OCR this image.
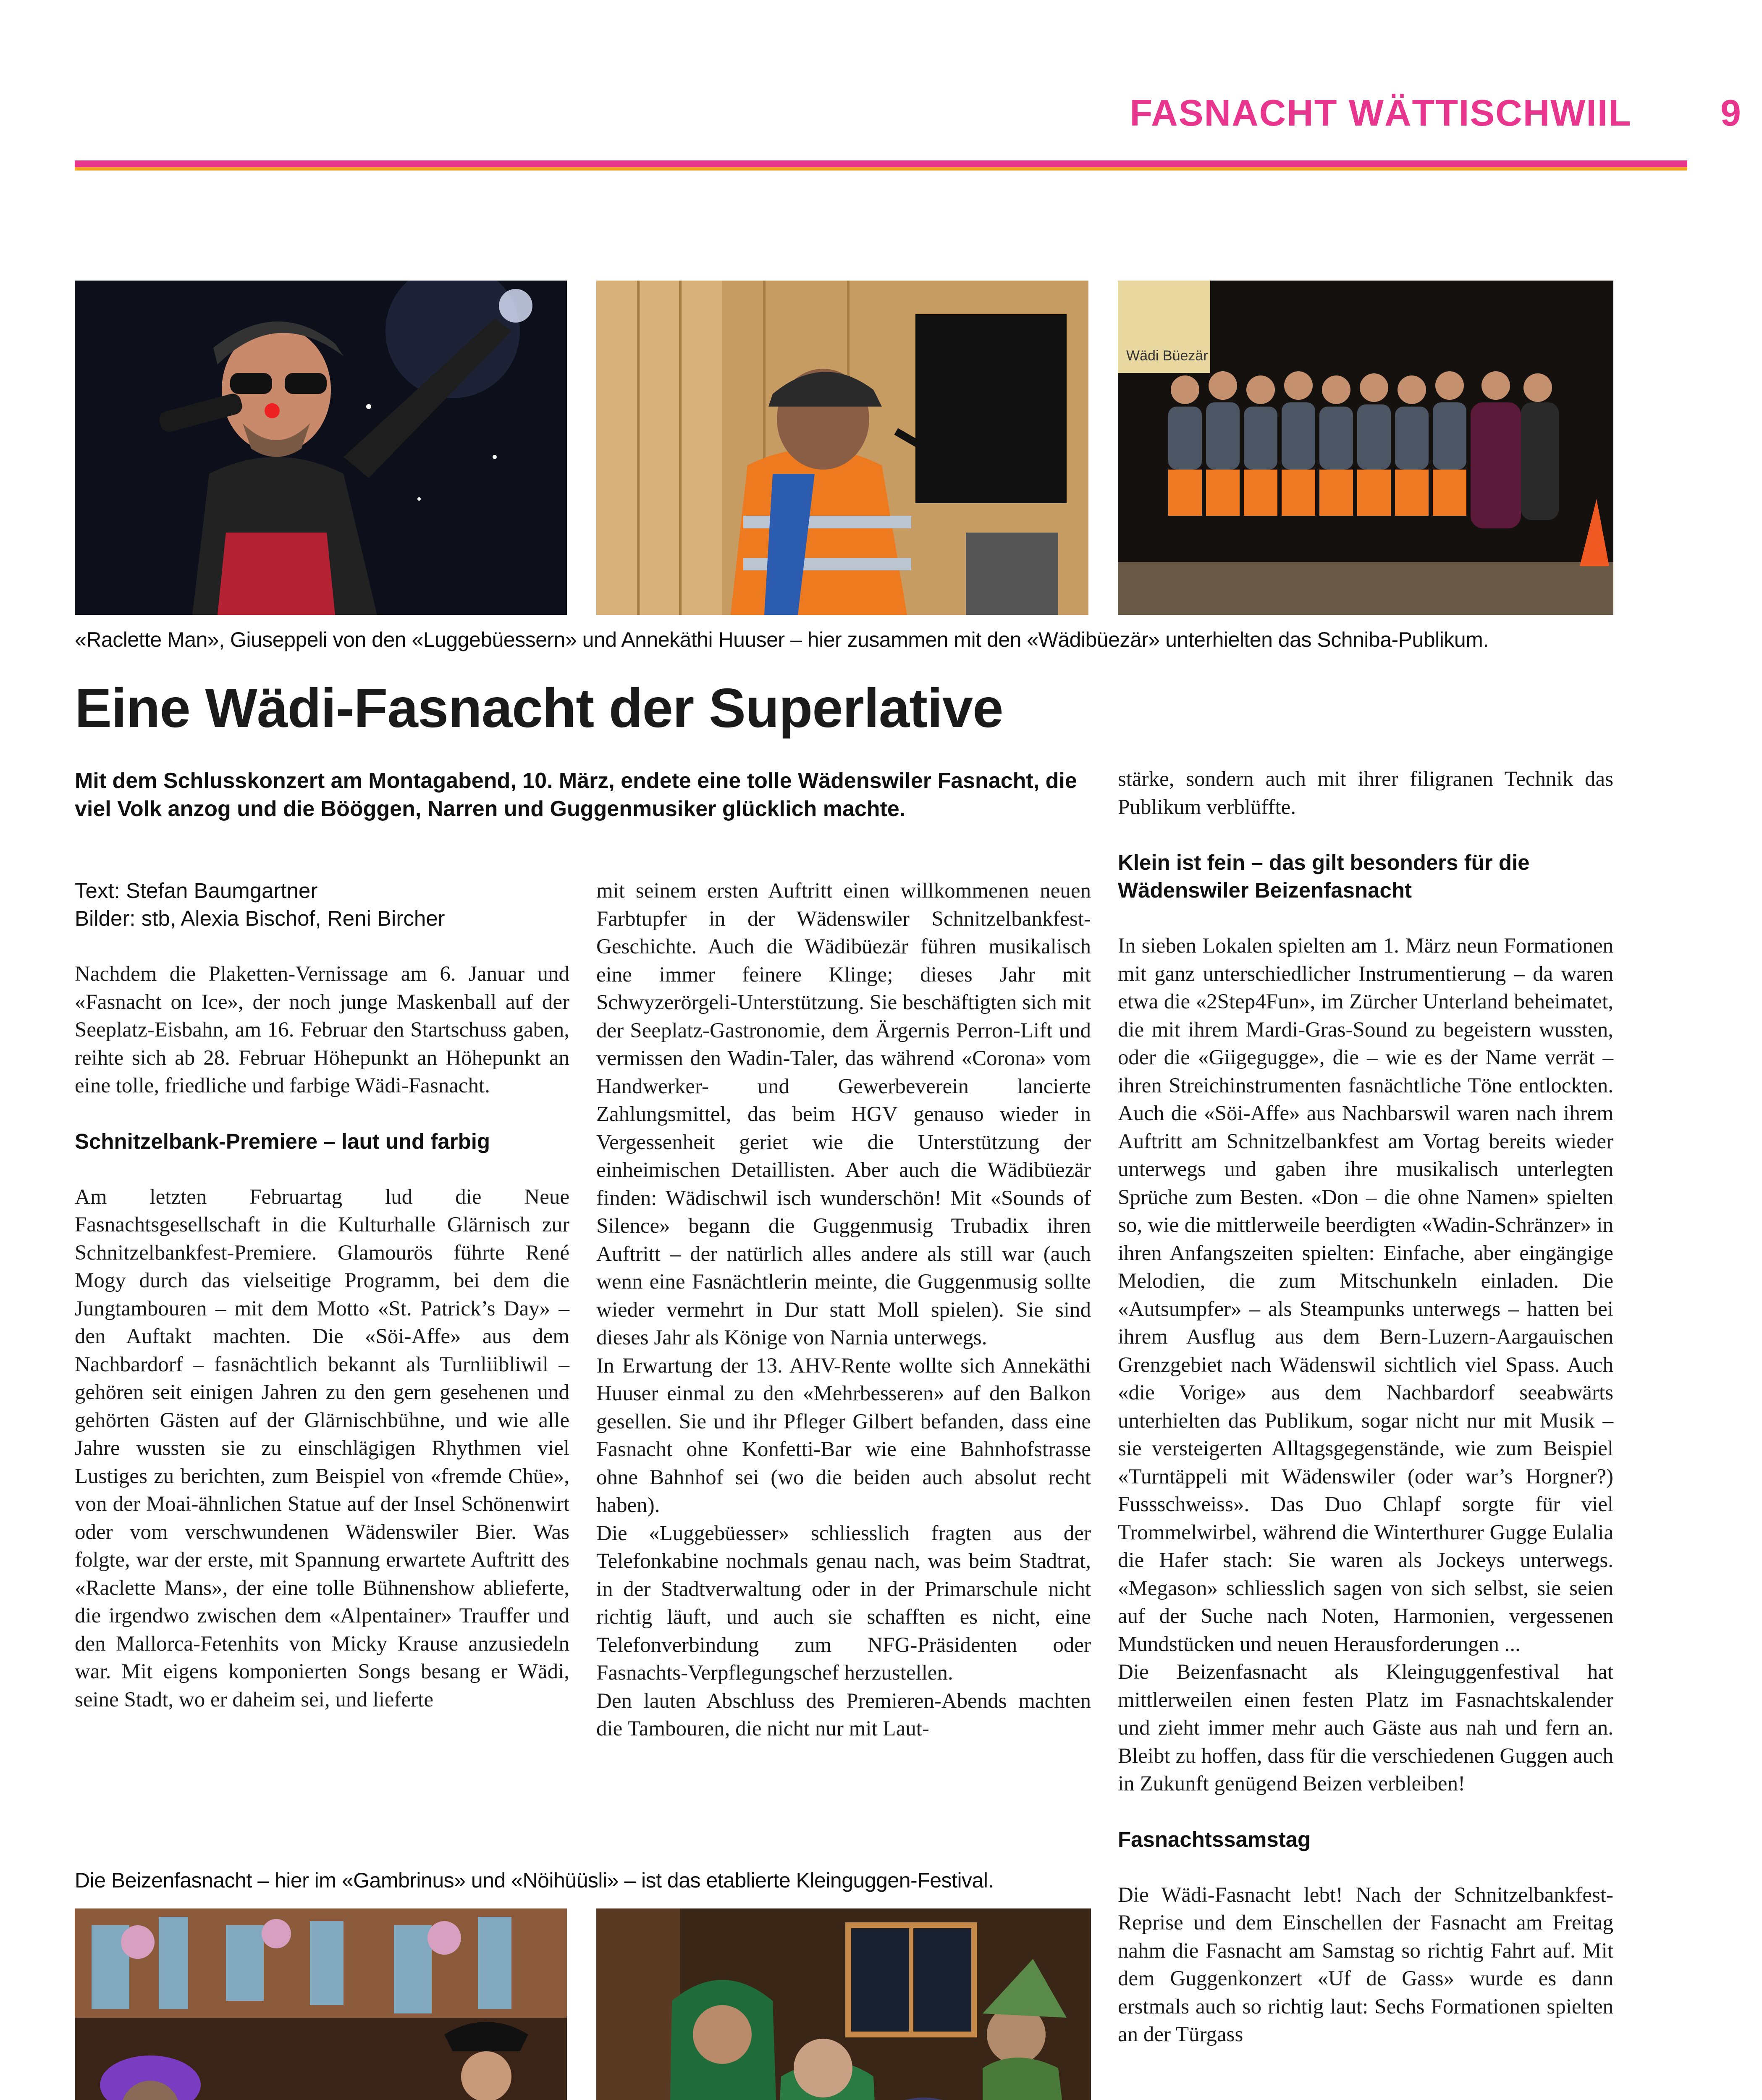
FASNACHT WÄTTISCHWIIL 9
Wädi Büezär
«Raclette Man», Giuseppeli von den «Luggebüessern» und Annekäthi Huuser – hier zusammen mit den «Wädibüezär» unterhielten das Schniba-Publikum.
Eine Wädi-Fasnacht der Superlative
Mit dem Schlusskonzert am Montagabend, 10. März, endete eine tolle Wädenswiler Fasnacht, die viel Volk anzog und die Bööggen, Narren und Guggenmusiker glücklich machte.
Text: Stefan Baumgartner
Bilder: stb, Alexia Bischof, Reni Bircher

Nachdem die Plaketten-Vernissage am 6. Januar und «Fasnacht on Ice», der noch junge Maskenball auf der Seeplatz-Eisbahn, am 16. Februar den Startschuss gaben, reihte sich ab 28. Februar Höhepunkt an Höhepunkt an eine tolle, friedliche und farbige Wädi-Fasnacht.

Schnitzelbank-Premiere – laut und farbig

Am letzten Februartag lud die Neue Fasnachtsgesellschaft in die Kulturhalle Glärnisch zur Schnitzelbankfest-Premiere. Glamourös führte René Mogy durch das vielseitige Programm, bei dem die Jungtambouren – mit dem Motto «St. Patrick’s Day» – den Auftakt machten. Die «Söi-Affe» aus dem Nachbardorf – fasnächtlich bekannt als Turnliibliwil – gehören seit einigen Jahren zu den gern gesehenen und gehörten Gästen auf der Glärnischbühne, und wie alle Jahre wussten sie zu einschlägigen Rhythmen viel Lustiges zu berichten, zum Beispiel von «fremde Chüe», von der Moai-ähnlichen Statue auf der Insel Schönenwirt oder vom verschwundenen Wädenswiler Bier. Was folgte, war der erste, mit Spannung erwartete Auftritt des «Raclette Mans», der eine tolle Bühnenshow ablieferte, die irgendwo zwischen dem «Alpentainer» Trauffer und den Mallorca-Fetenhits von Micky Krause anzusiedeln war. Mit eigens komponierten Songs besang er Wädi, seine Stadt, wo er daheim sei, und lieferte

mit seinem ersten Auftritt einen willkommenen neuen Farbtupfer in der Wädenswiler Schnitzelbankfest-Geschichte. Auch die Wädibüezär führen musikalisch eine immer feinere Klinge; dieses Jahr mit Schwyzerörgeli-Unterstützung. Sie beschäftigten sich mit der Seeplatz-Gastronomie, dem Ärgernis Perron-Lift und vermissen den Wadin-Taler, das während «Corona» vom Handwerker- und Gewerbeverein lancierte Zahlungsmittel, das beim HGV genauso wieder in Vergessenheit geriet wie die Unterstützung der einheimischen Detaillisten. Aber auch die Wädibüezär finden: Wädischwil isch wunderschön! Mit «Sounds of Silence» begann die Guggenmusig Trubadix ihren Auftritt – der natürlich alles andere als still war (auch wenn eine Fasnächtlerin meinte, die Guggenmusig sollte wieder vermehrt in Dur statt Moll spielen). Sie sind dieses Jahr als Könige von Narnia unterwegs.

In Erwartung der 13. AHV-Rente wollte sich Annekäthi Huuser einmal zu den «Mehrbesseren» auf den Balkon gesellen. Sie und ihr Pfleger Gilbert befanden, dass eine Fasnacht ohne Konfetti-Bar wie eine Bahnhofstrasse ohne Bahnhof sei (wo die beiden auch absolut recht haben).

Die «Luggebüesser» schliesslich fragten aus der Telefonkabine nochmals genau nach, was beim Stadtrat, in der Stadtverwaltung oder in der Primarschule nicht richtig läuft, und auch sie schafften es nicht, eine Telefonverbindung zum NFG-Präsidenten oder Fasnachts-Verpflegungschef herzustellen.

Den lauten Abschluss des Premieren-Abends machten die Tambouren, die nicht nur mit Laut-

stärke, sondern auch mit ihrer filigranen Technik das Publikum verblüffte.

Klein ist fein – das gilt besonders für die Wädenswiler Beizenfasnacht

In sieben Lokalen spielten am 1. März neun Formationen mit ganz unterschiedlicher Instrumentierung – da waren etwa die «2Step4Fun», im Zürcher Unterland beheimatet, die mit ihrem Mardi-Gras-Sound zu begeistern wussten, oder die «Giigegugge», die – wie es der Name verrät – ihren Streichinstrumenten fasnächtliche Töne entlockten. Auch die «Söi-Affe» aus Nachbarswil waren nach ihrem Auftritt am Schnitzelbankfest am Vortag bereits wieder unterwegs und gaben ihre musikalisch unterlegten Sprüche zum Besten. «Don – die ohne Namen» spielten so, wie die mittlerweile beerdigten «Wadin-Schränzer» in ihren Anfangszeiten spielten: Einfache, aber eingängige Melodien, die zum Mitschunkeln einladen. Die «Autsumpfer» – als Steampunks unterwegs – hatten bei ihrem Ausflug aus dem Bern-Luzern-Aargauischen Grenzgebiet nach Wädenswil sichtlich viel Spass. Auch «die Vorige» aus dem Nachbardorf seeabwärts unterhielten das Publikum, sogar nicht nur mit Musik – sie versteigerten Alltagsgegenstände, wie zum Beispiel «Turntäppeli mit Wädenswiler (oder war’s Horgner?) Fussschweiss». Das Duo Chlapf sorgte für viel Trommelwirbel, während die Winterthurer Gugge Eulalia die Hafer stach: Sie waren als Jockeys unterwegs. «Megason» schliesslich sagen von sich selbst, sie seien auf der Suche nach Noten, Harmonien, vergessenen Mundstücken und neuen Herausforderungen ...

Die Beizenfasnacht als Kleinguggenfestival hat mittlerweilen einen festen Platz im Fasnachtskalender und zieht immer mehr auch Gäste aus nah und fern an. Bleibt zu hoffen, dass für die verschiedenen Guggen auch in Zukunft genügend Beizen verbleiben!

Fasnachtssamstag

Die Wädi-Fasnacht lebt! Nach der Schnitzelbankfest-Reprise und dem Einschellen der Fasnacht am Freitag nahm die Fasnacht am Samstag so richtig Fahrt auf. Mit dem Guggenkonzert «Uf de Gass» wurde es dann erstmals auch so richtig laut: Sechs Formationen spielten an der Türgass

Die Beizenfasnacht – hier im «Gambrinus» und «Nöihüüsli» – ist das etablierte Kleinguggen-Festival.
